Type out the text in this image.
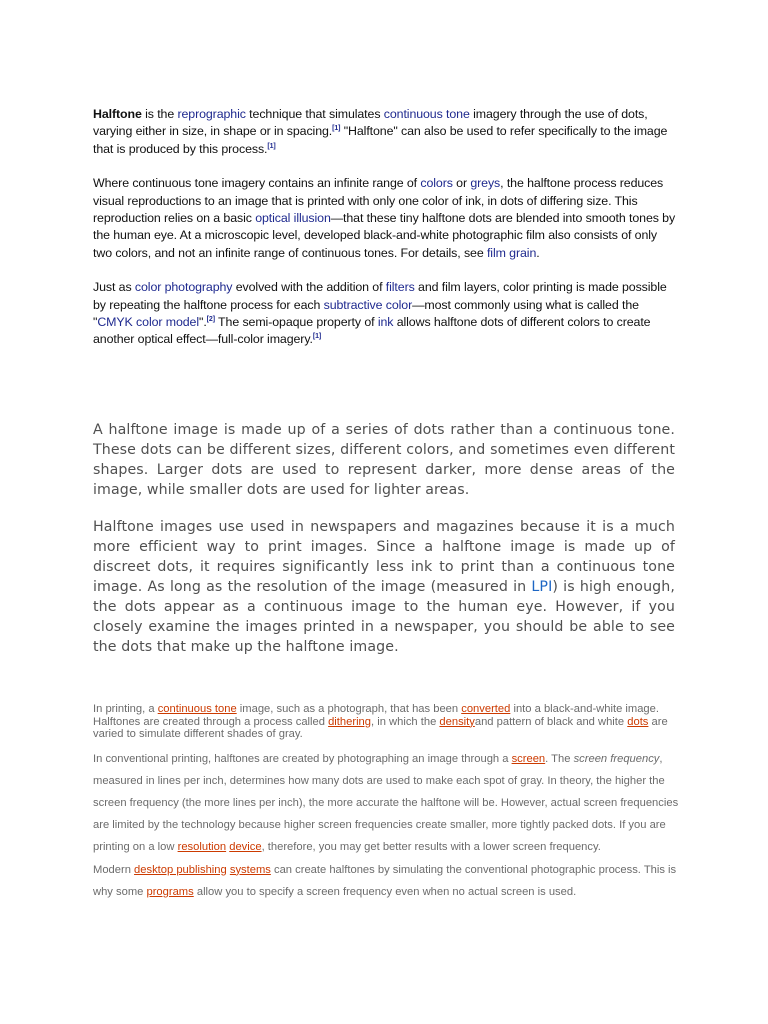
Halftone is the reprographic technique that simulates continuous tone imagery through the use of dots, varying either in size, in shape or in spacing.[1] "Halftone" can also be used to refer specifically to the image that is produced by this process.[1]

Where continuous tone imagery contains an infinite range of colors or greys, the halftone process reduces visual reproductions to an image that is printed with only one color of ink, in dots of differing size. This reproduction relies on a basic optical illusion—that these tiny halftone dots are blended into smooth tones by the human eye. At a microscopic level, developed black-and-white photographic film also consists of only two colors, and not an infinite range of continuous tones. For details, see film grain.

Just as color photography evolved with the addition of filters and film layers, color printing is made possible by repeating the halftone process for each subtractive color—most commonly using what is called the "CMYK color model".[2] The semi-opaque property of ink allows halftone dots of different colors to create another optical effect—full-color imagery.[1]

A halftone image is made up of a series of dots rather than a continuous tone. These dots can be different sizes, different colors, and sometimes even different shapes. Larger dots are used to represent darker, more dense areas of the image, while smaller dots are used for lighter areas.

Halftone images use used in newspapers and magazines because it is a much more efficient way to print images. Since a halftone image is made up of discreet dots, it requires significantly less ink to print than a continuous tone image. As long as the resolution of the image (measured in LPI) is high enough, the dots appear as a continuous image to the human eye. However, if you closely examine the images printed in a newspaper, you should be able to see the dots that make up the halftone image.

In printing, a continuous tone image, such as a photograph, that has been converted into a black-and-white image. Halftones are created through a process called dithering, in which the densityand pattern of black and white dots are varied to simulate different shades of gray.

In conventional printing, halftones are created by photographing an image through a screen. The screen frequency, measured in lines per inch, determines how many dots are used to make each spot of gray. In theory, the higher the screen frequency (the more lines per inch), the more accurate the halftone will be. However, actual screen frequencies are limited by the technology because higher screen frequencies create smaller, more tightly packed dots. If you are printing on a low resolution device, therefore, you may get better results with a lower screen frequency.

Modern desktop publishing systems can create halftones by simulating the conventional photographic process. This is why some programs allow you to specify a screen frequency even when no actual screen is used.
